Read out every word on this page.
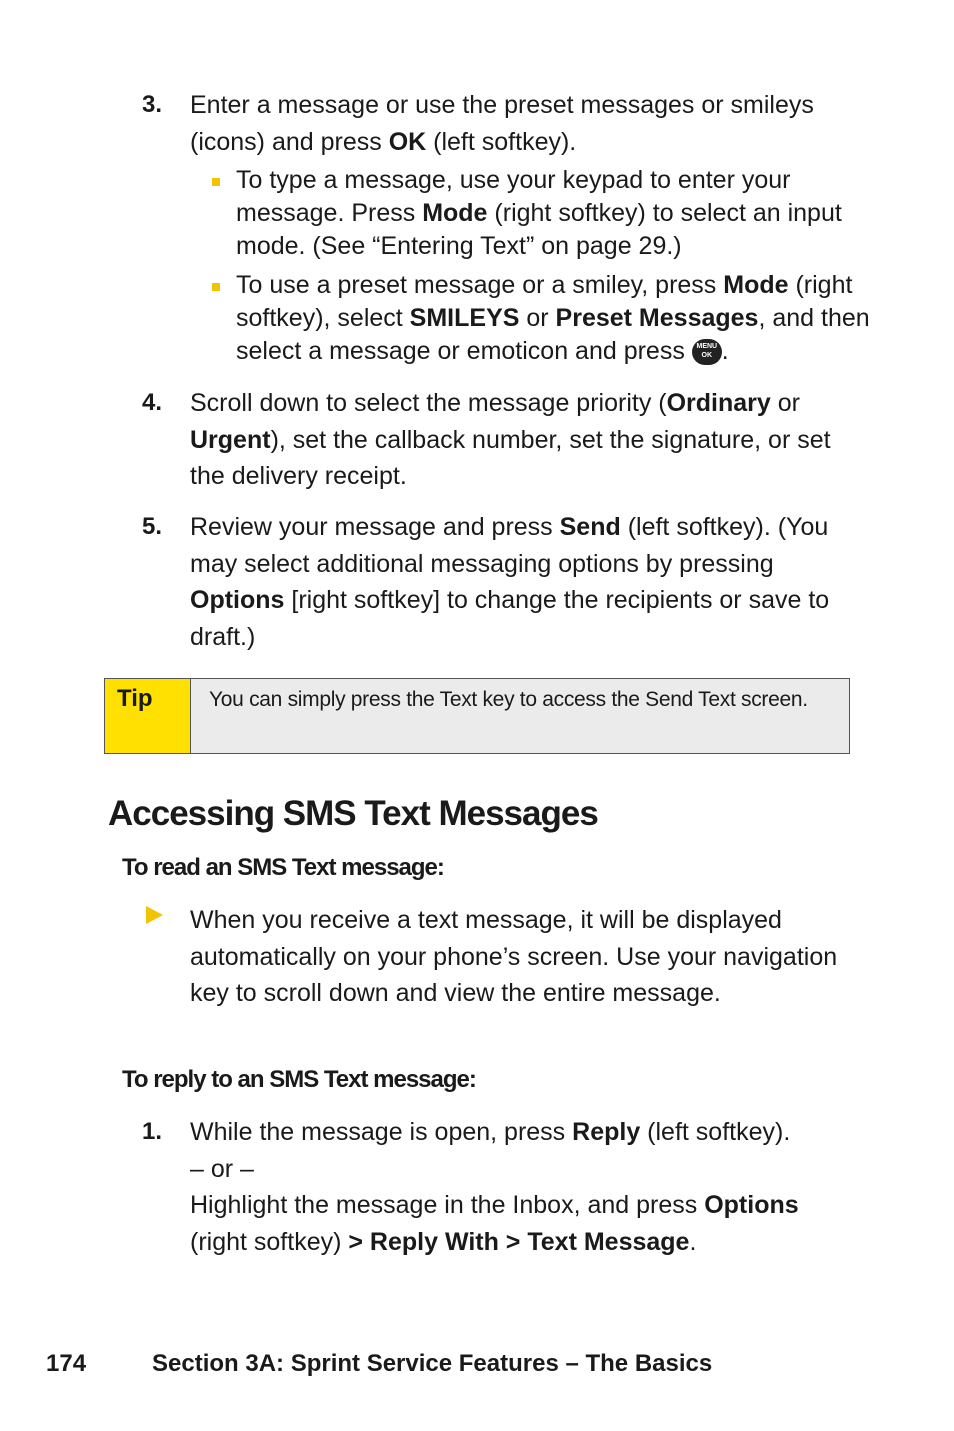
3. Enter a message or use the preset messages or smileys (icons) and press OK (left softkey).
To type a message, use your keypad to enter your message. Press Mode (right softkey) to select an input mode. (See “Entering Text” on page 29.)
To use a preset message or a smiley, press Mode (right softkey), select SMILEYS or Preset Messages, and then select a message or emoticon and press MENU
OK .
4. Scroll down to select the message priority (Ordinary or Urgent), set the callback number, set the signature, or set the delivery receipt.
5. Review your message and press Send (left softkey). (You may select additional messaging options by pressing Options [right softkey] to change the recipients or save to draft.)
Tip	You can simply press the Text key to access the Send Text screen.
Accessing SMS Text Messages
To read an SMS Text message:
When you receive a text message, it will be displayed automatically on your phone’s screen. Use your navigation key to scroll down and view the entire message.
To reply to an SMS Text message:
1. While the message is open, press Reply (left softkey).
– or –
Highlight the message in the Inbox, and press Options
(right softkey) > Reply With > Text Message.
174	Section 3A: Sprint Service Features – The Basics
